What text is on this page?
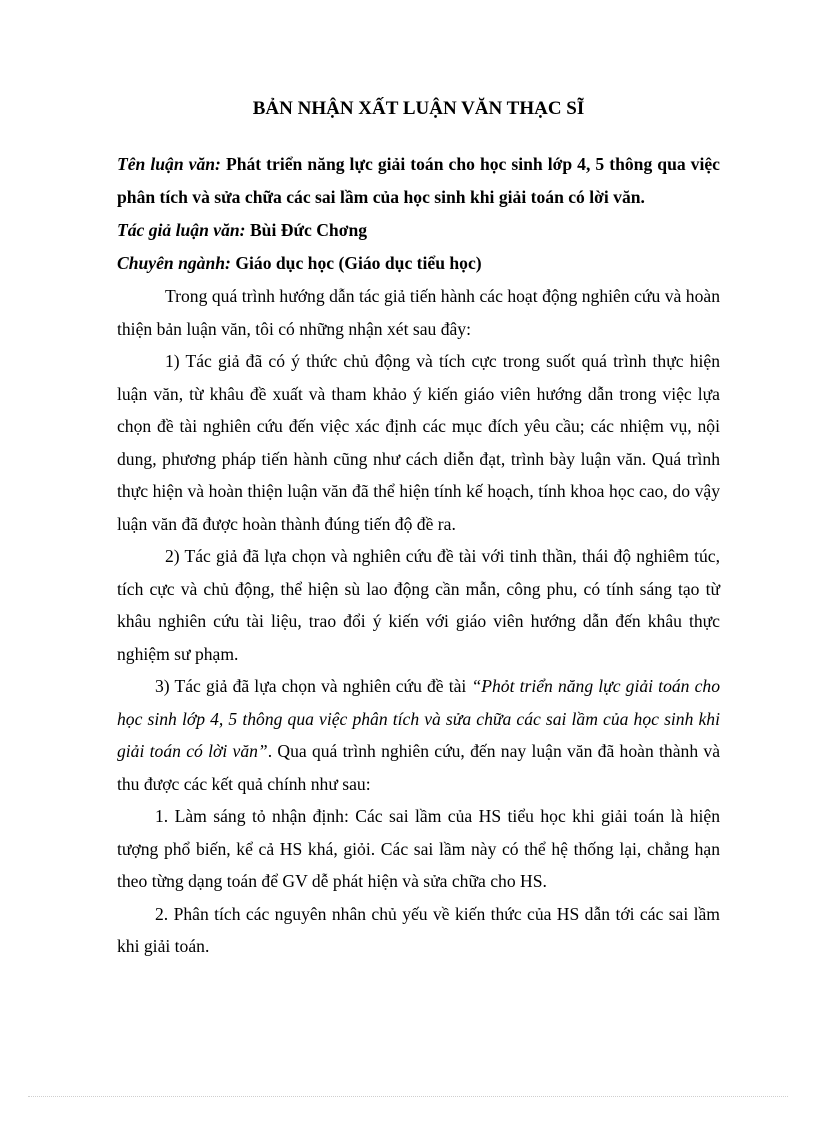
BẢN NHẬN XẤT LUẬN VĂN THẠC SĨ

Tên luận văn: Phát triển năng lực giải toán cho học sinh lớp 4, 5 thông qua việc phân tích và sửa chữa các sai lầm của học sinh khi giải toán có lời văn.

Tác giả luận văn: Bùi Đức Chơng

Chuyên ngành: Giáo dục học (Giáo dục tiểu học)

Trong quá trình hướng dẫn tác giả tiến hành các hoạt động nghiên cứu và hoàn thiện bản luận văn, tôi có những nhận xét sau đây:

1) Tác giả đã có ý thức chủ động và tích cực trong suốt quá trình thực hiện luận văn, từ khâu đề xuất và tham khảo ý kiến giáo viên hướng dẫn trong việc lựa chọn đề tài nghiên cứu đến việc xác định các mục đích yêu cầu; các nhiệm vụ, nội dung, phương pháp tiến hành cũng như cách diễn đạt, trình bày luận văn. Quá trình thực hiện và hoàn thiện luận văn đã thể hiện tính kế hoạch, tính khoa học cao, do vậy luận văn đã được hoàn thành đúng tiến độ đề ra.

2) Tác giả đã lựa chọn và nghiên cứu đề tài với tinh thần, thái độ nghiêm túc, tích cực và chủ động, thể hiện sù lao động cần mẫn, công phu, có tính sáng tạo từ khâu nghiên cứu tài liệu, trao đổi ý kiến với giáo viên hướng dẫn đến khâu thực nghiệm sư phạm.

3) Tác giả đã lựa chọn và nghiên cứu đề tài “Phỏt triển năng lực giải toán cho học sinh lớp 4, 5 thông qua việc phân tích và sửa chữa các sai lầm của học sinh khi giải toán có lời văn”. Qua quá trình nghiên cứu, đến nay luận văn đã hoàn thành và thu được các kết quả chính như sau:

1. Làm sáng tỏ nhận định: Các sai lầm của HS tiểu học khi giải toán là hiện tượng phổ biến, kể cả HS khá, giỏi. Các sai lầm này có thể hệ thống lại, chẳng hạn theo từng dạng toán để GV dễ phát hiện và sửa chữa cho HS.

2. Phân tích các nguyên nhân chủ yếu về kiến thức của HS dẫn tới các sai lầm khi giải toán.
